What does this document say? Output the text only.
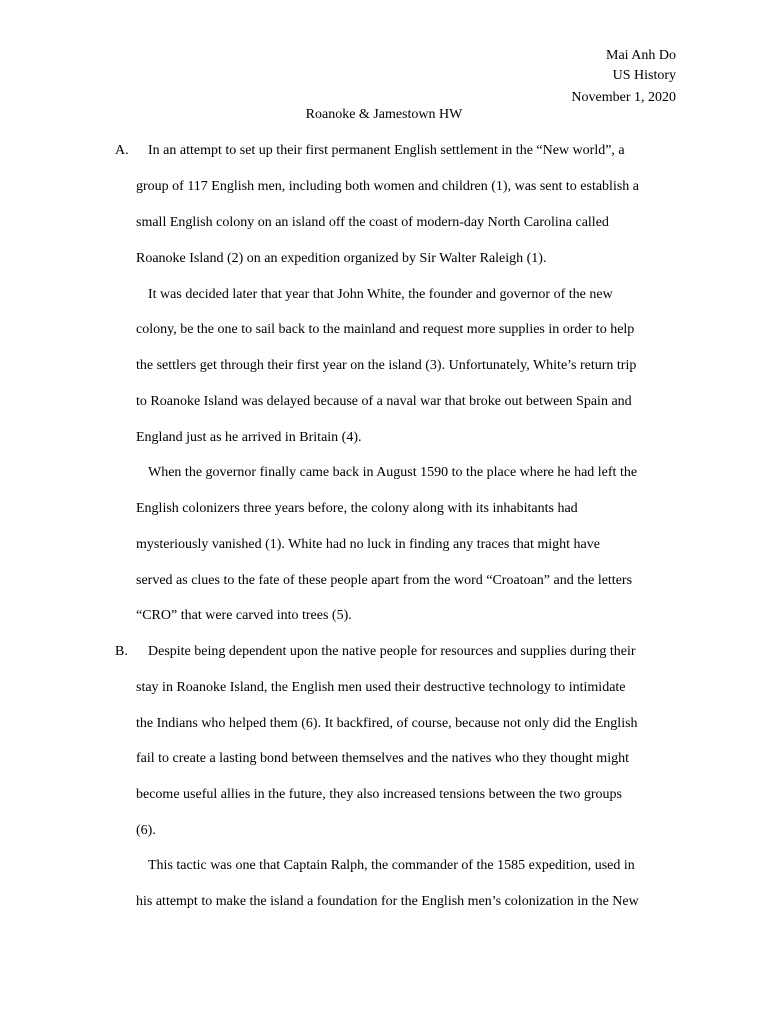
Mai Anh Do
US History
November 1, 2020
Roanoke & Jamestown HW
A. In an attempt to set up their first permanent English settlement in the “New world”, a
group of 117 English men, including both women and children (1), was sent to establish a
small English colony on an island off the coast of modern-day North Carolina called
Roanoke Island (2) on an expedition organized by Sir Walter Raleigh (1).
It was decided later that year that John White, the founder and governor of the new
colony, be the one to sail back to the mainland and request more supplies in order to help
the settlers get through their first year on the island (3). Unfortunately, White’s return trip
to Roanoke Island was delayed because of a naval war that broke out between Spain and
England just as he arrived in Britain (4).
When the governor finally came back in August 1590 to the place where he had left the
English colonizers three years before, the colony along with its inhabitants had
mysteriously vanished (1). White had no luck in finding any traces that might have
served as clues to the fate of these people apart from the word “Croatoan” and the letters
“CRO” that were carved into trees (5).
B. Despite being dependent upon the native people for resources and supplies during their
stay in Roanoke Island, the English men used their destructive technology to intimidate
the Indians who helped them (6). It backfired, of course, because not only did the English
fail to create a lasting bond between themselves and the natives who they thought might
become useful allies in the future, they also increased tensions between the two groups
(6).
This tactic was one that Captain Ralph, the commander of the 1585 expedition, used in
his attempt to make the island a foundation for the English men’s colonization in the New
